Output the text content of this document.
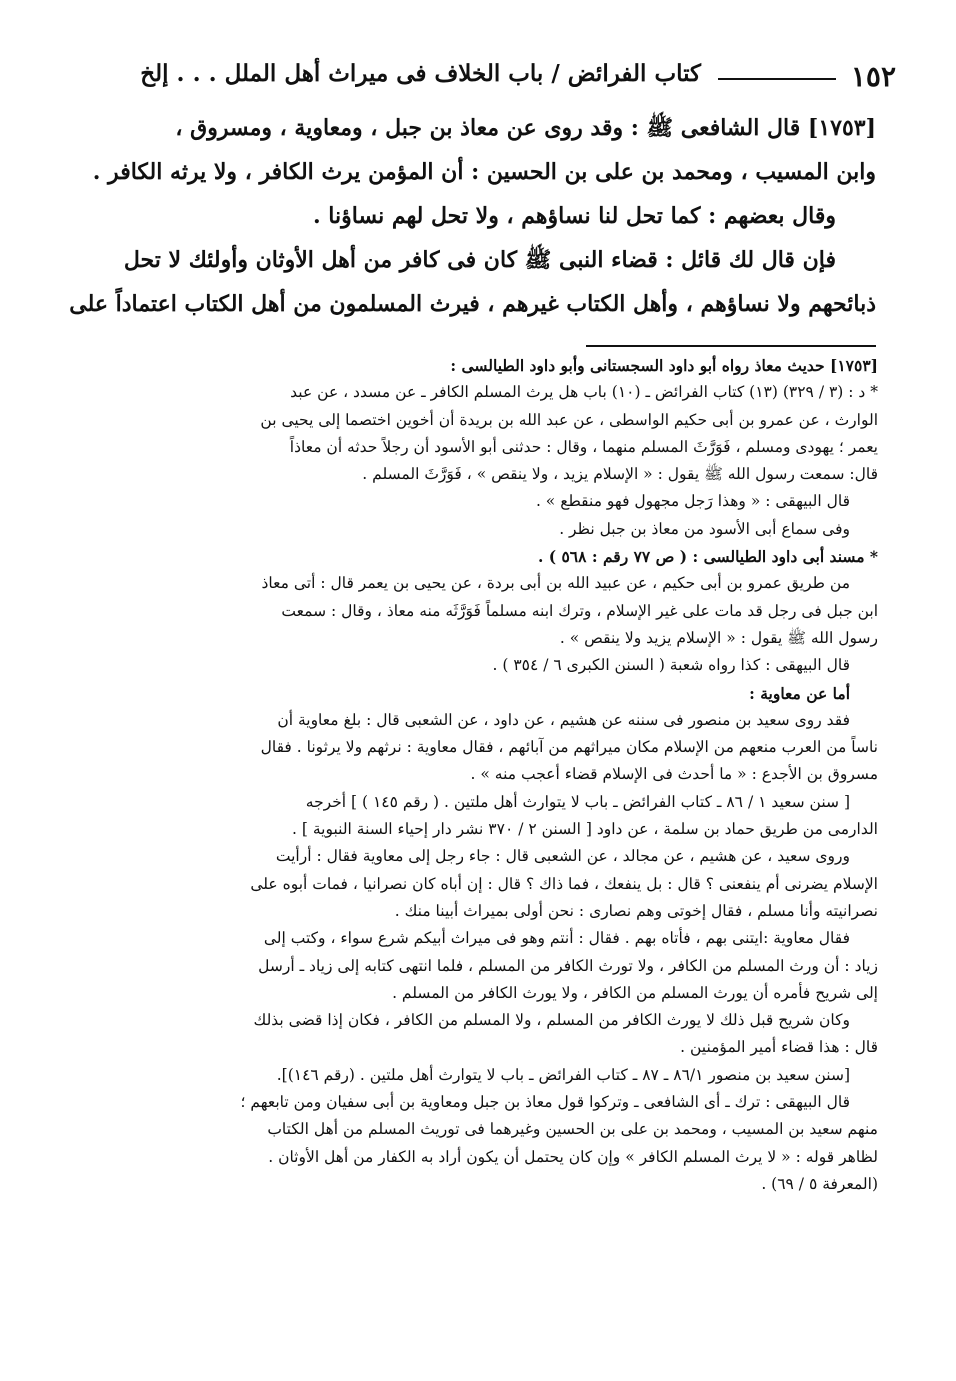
١٥٢
كتاب الفرائض / باب الخلاف فى ميراث أهل الملل . . . إلخ

[١٧٥٣] قال الشافعى ﷺ : وقد روى عن معاذ بن جبل ، ومعاوية ، ومسروق ،

وابن المسيب ، ومحمد بن على بن الحسين : أن المؤمن يرث الكافر ، ولا يرثه الكافر .

وقال بعضهم : كما تحل لنا نساؤهم ، ولا تحل لهم نساؤنا .

فإن قال لك قائل : قضاء النبى ﷺ كان فى كافر من أهل الأوثان وأولئك لا تحل

ذبائحهم ولا نساؤهم ، وأهل الكتاب غيرهم ، فيرث المسلمون من أهل الكتاب اعتماداً على

[١٧٥٣] حديث معاذ رواه أبو داود السجستانى وأبو داود الطيالسى :

* د : (٣ / ٣٢٩) (١٣) كتاب الفرائض ـ (١٠) باب هل يرث المسلم الكافر ـ عن مسدد ، عن عبد

الوارث ، عن عمرو بن أبى حكيم الواسطى ، عن عبد الله بن بريدة أن أخوين اختصما إلى يحيى بن

يعمر ؛ يهودى ومسلم ، فَوَرَّثَ المسلم منهما ، وقال : حدثنى أبو الأسود أن رجلاً حدثه أن معاذاً

قال: سمعت رسول الله ﷺ يقول : « الإسلام يزيد ، ولا ينقص » ، فَوَرَّثَ المسلم .

قال البيهقى : « وهذا رَجل مجهول فهو منقطع » .

وفى سماع أبى الأسود من معاذ بن جبل نظر .

* مسند أبى داود الطيالسى : ( ص ٧٧ رقم : ٥٦٨ ) .

من طريق عمرو بن أبى حكيم ، عن عبيد الله بن أبى بردة ، عن يحيى بن يعمر قال : أتى معاذ

ابن جبل فى رجل قد مات على غير الإسلام ، وترك ابنه مسلماً فَوَرَّثَه منه معاذ ، وقال : سمعت

رسول الله ﷺ يقول : « الإسلام يزيد ولا ينقص » .

قال البيهقى : كذا رواه شعبة ( السنن الكبرى ٦ / ٣٥٤ ) .

أما عن معاوية :

فقد روى سعيد بن منصور فى سننه عن هشيم ، عن داود ، عن الشعبى قال : بلغ معاوية أن

ناساً من العرب منعهم من الإسلام مكان ميراثهم من آبائهم ، فقال معاوية : نرثهم ولا يرثونا . فقال

مسروق بن الأجدع : « ما أحدث فى الإسلام قضاء أعجب منه » .

[ سنن سعيد ١ / ٨٦ ـ كتاب الفرائض ـ باب لا يتوارث أهل ملتين . ( رقم ١٤٥ ) ] أخرجه

الدارمى من طريق حماد بن سلمة ، عن داود [ السنن ٢ / ٣٧٠ نشر دار إحياء السنة النبوية ] .

وروى سعيد ، عن هشيم ، عن مجالد ، عن الشعبى قال : جاء رجل إلى معاوية فقال : أرأيت

الإسلام يضرنى أم ينفعنى ؟ قال : بل ينفعك ، فما ذاك ؟ قال : إن أباه كان نصرانيا ، فمات أبوه على

نصرانيته وأنا مسلم ، فقال إخوتى وهم نصارى : نحن أولى بميراث أبينا منك .

فقال معاوية :ايتنى بهم ، فأتاه بهم . فقال : أنتم وهو فى ميراث أبيكم شرع سواء ، وكتب إلى

زياد : أن ورث المسلم من الكافر ، ولا تورث الكافر من المسلم ، فلما انتهى كتابه إلى زياد ـ أرسل

إلى شريح فأمره أن يورث المسلم من الكافر ، ولا يورث الكافر من المسلم .

وكان شريح قبل ذلك لا يورث الكافر من المسلم ، ولا المسلم من الكافر ، فكان إذا قضى بذلك

قال : هذا قضاء أمير المؤمنين .

[سنن سعيد بن منصور ٨٦/١ ـ ٨٧ ـ كتاب الفرائض ـ باب لا يتوارث أهل ملتين . (رقم ١٤٦)].

قال البيهقى : ترك ـ أى الشافعى ـ وتركوا قول معاذ بن جبل ومعاوية بن أبى سفيان ومن تابعهم ؛

منهم سعيد بن المسيب ، ومحمد بن على بن الحسين وغيرهما فى توريث المسلم من أهل الكتاب

لظاهر قوله : « لا يرث المسلم الكافر » وإن كان يحتمل أن يكون أراد به الكفار من أهل الأوثان .

(المعرفة ٥ / ٦٩) .
